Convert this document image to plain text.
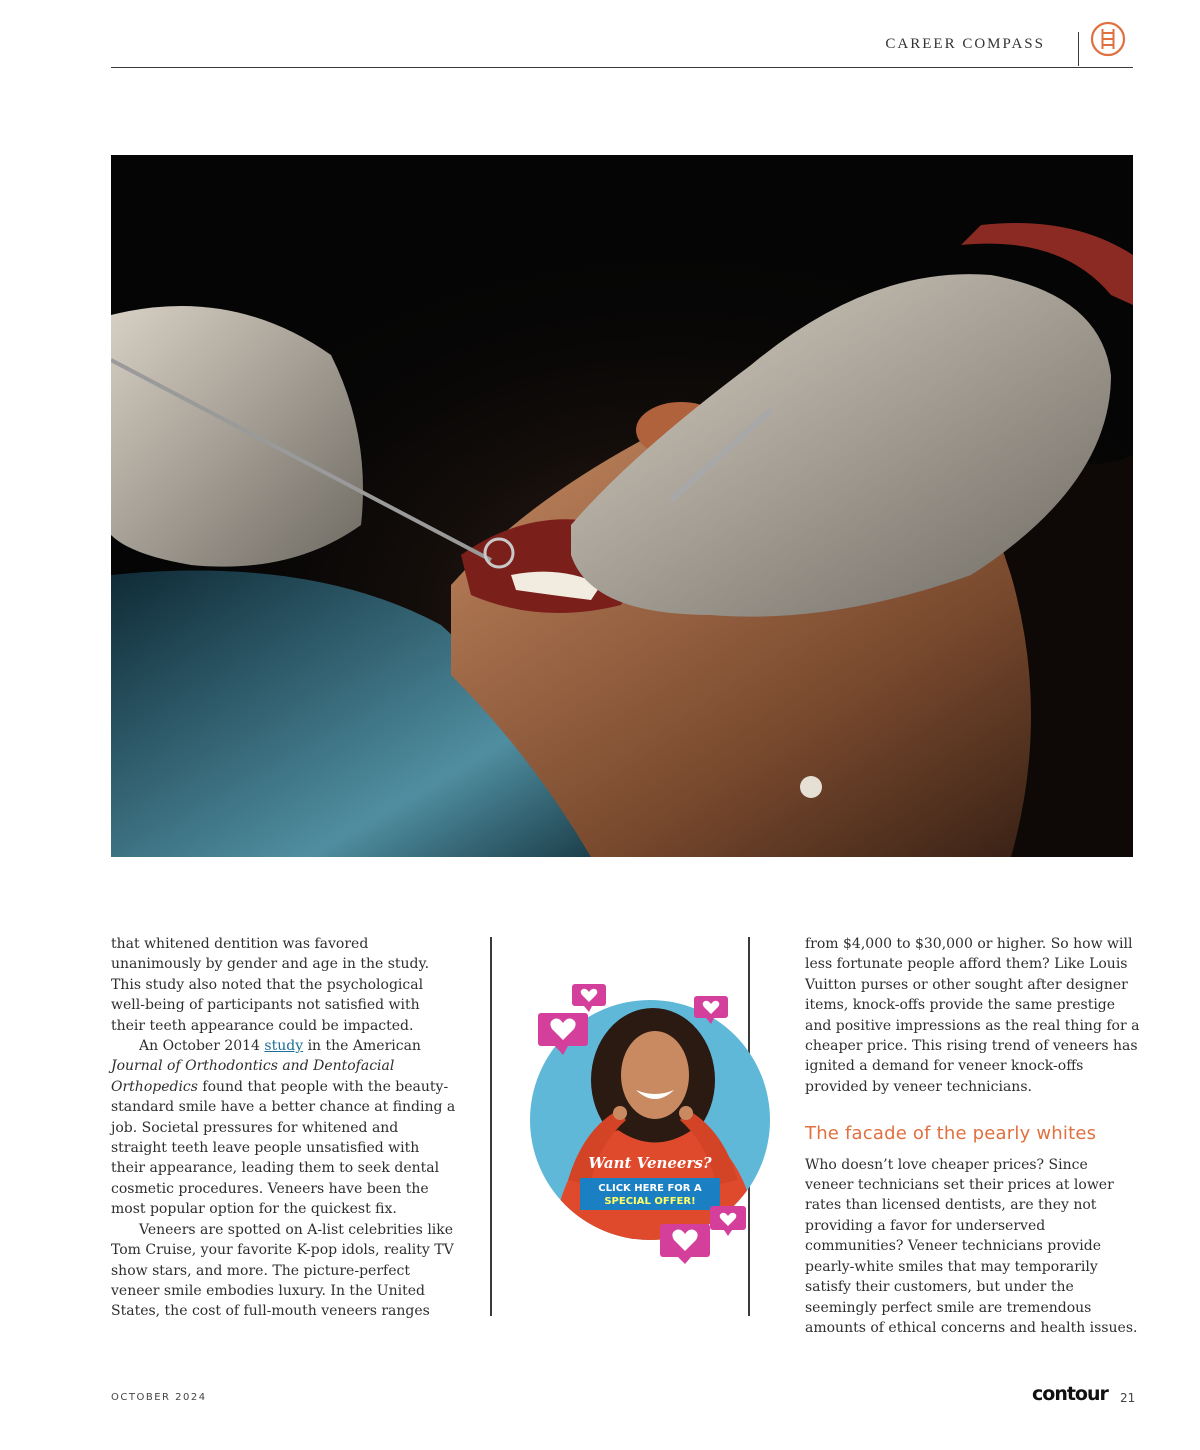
CAREER COMPASS

that whitened dentition was favored unanimously by gender and age in the study. This study also noted that the psychological well-being of participants not satisfied with their teeth appearance could be impacted.

An October 2014 study in the American Journal of Orthodontics and Dentofacial Orthopedics found that people with the beauty-standard smile have a better chance at finding a job. Societal pressures for whitened and straight teeth leave people unsatisfied with their appearance, leading them to seek dental cosmetic procedures. Veneers have been the most popular option for the quickest fix.

Veneers are spotted on A-list celebrities like Tom Cruise, your favorite K-pop idols, reality TV show stars, and more. The picture-perfect veneer smile embodies luxury. In the United States, the cost of full-mouth veneers ranges

Want Veneers?
CLICK HERE FOR A
SPECIAL OFFER!

from $4,000 to $30,000 or higher. So how will less fortunate people afford them? Like Louis Vuitton purses or other sought after designer items, knock-offs provide the same prestige and positive impressions as the real thing for a cheaper price. This rising trend of veneers has ignited a demand for veneer knock-offs provided by veneer technicians.

The facade of the pearly whites

Who doesn’t love cheaper prices? Since veneer technicians set their prices at lower rates than licensed dentists, are they not providing a favor for underserved communities? Veneer technicians provide pearly-white smiles that may temporarily satisfy their customers, but under the seemingly perfect smile are tremendous amounts of ethical concerns and health issues.

OCTOBER 2024	contour 21
